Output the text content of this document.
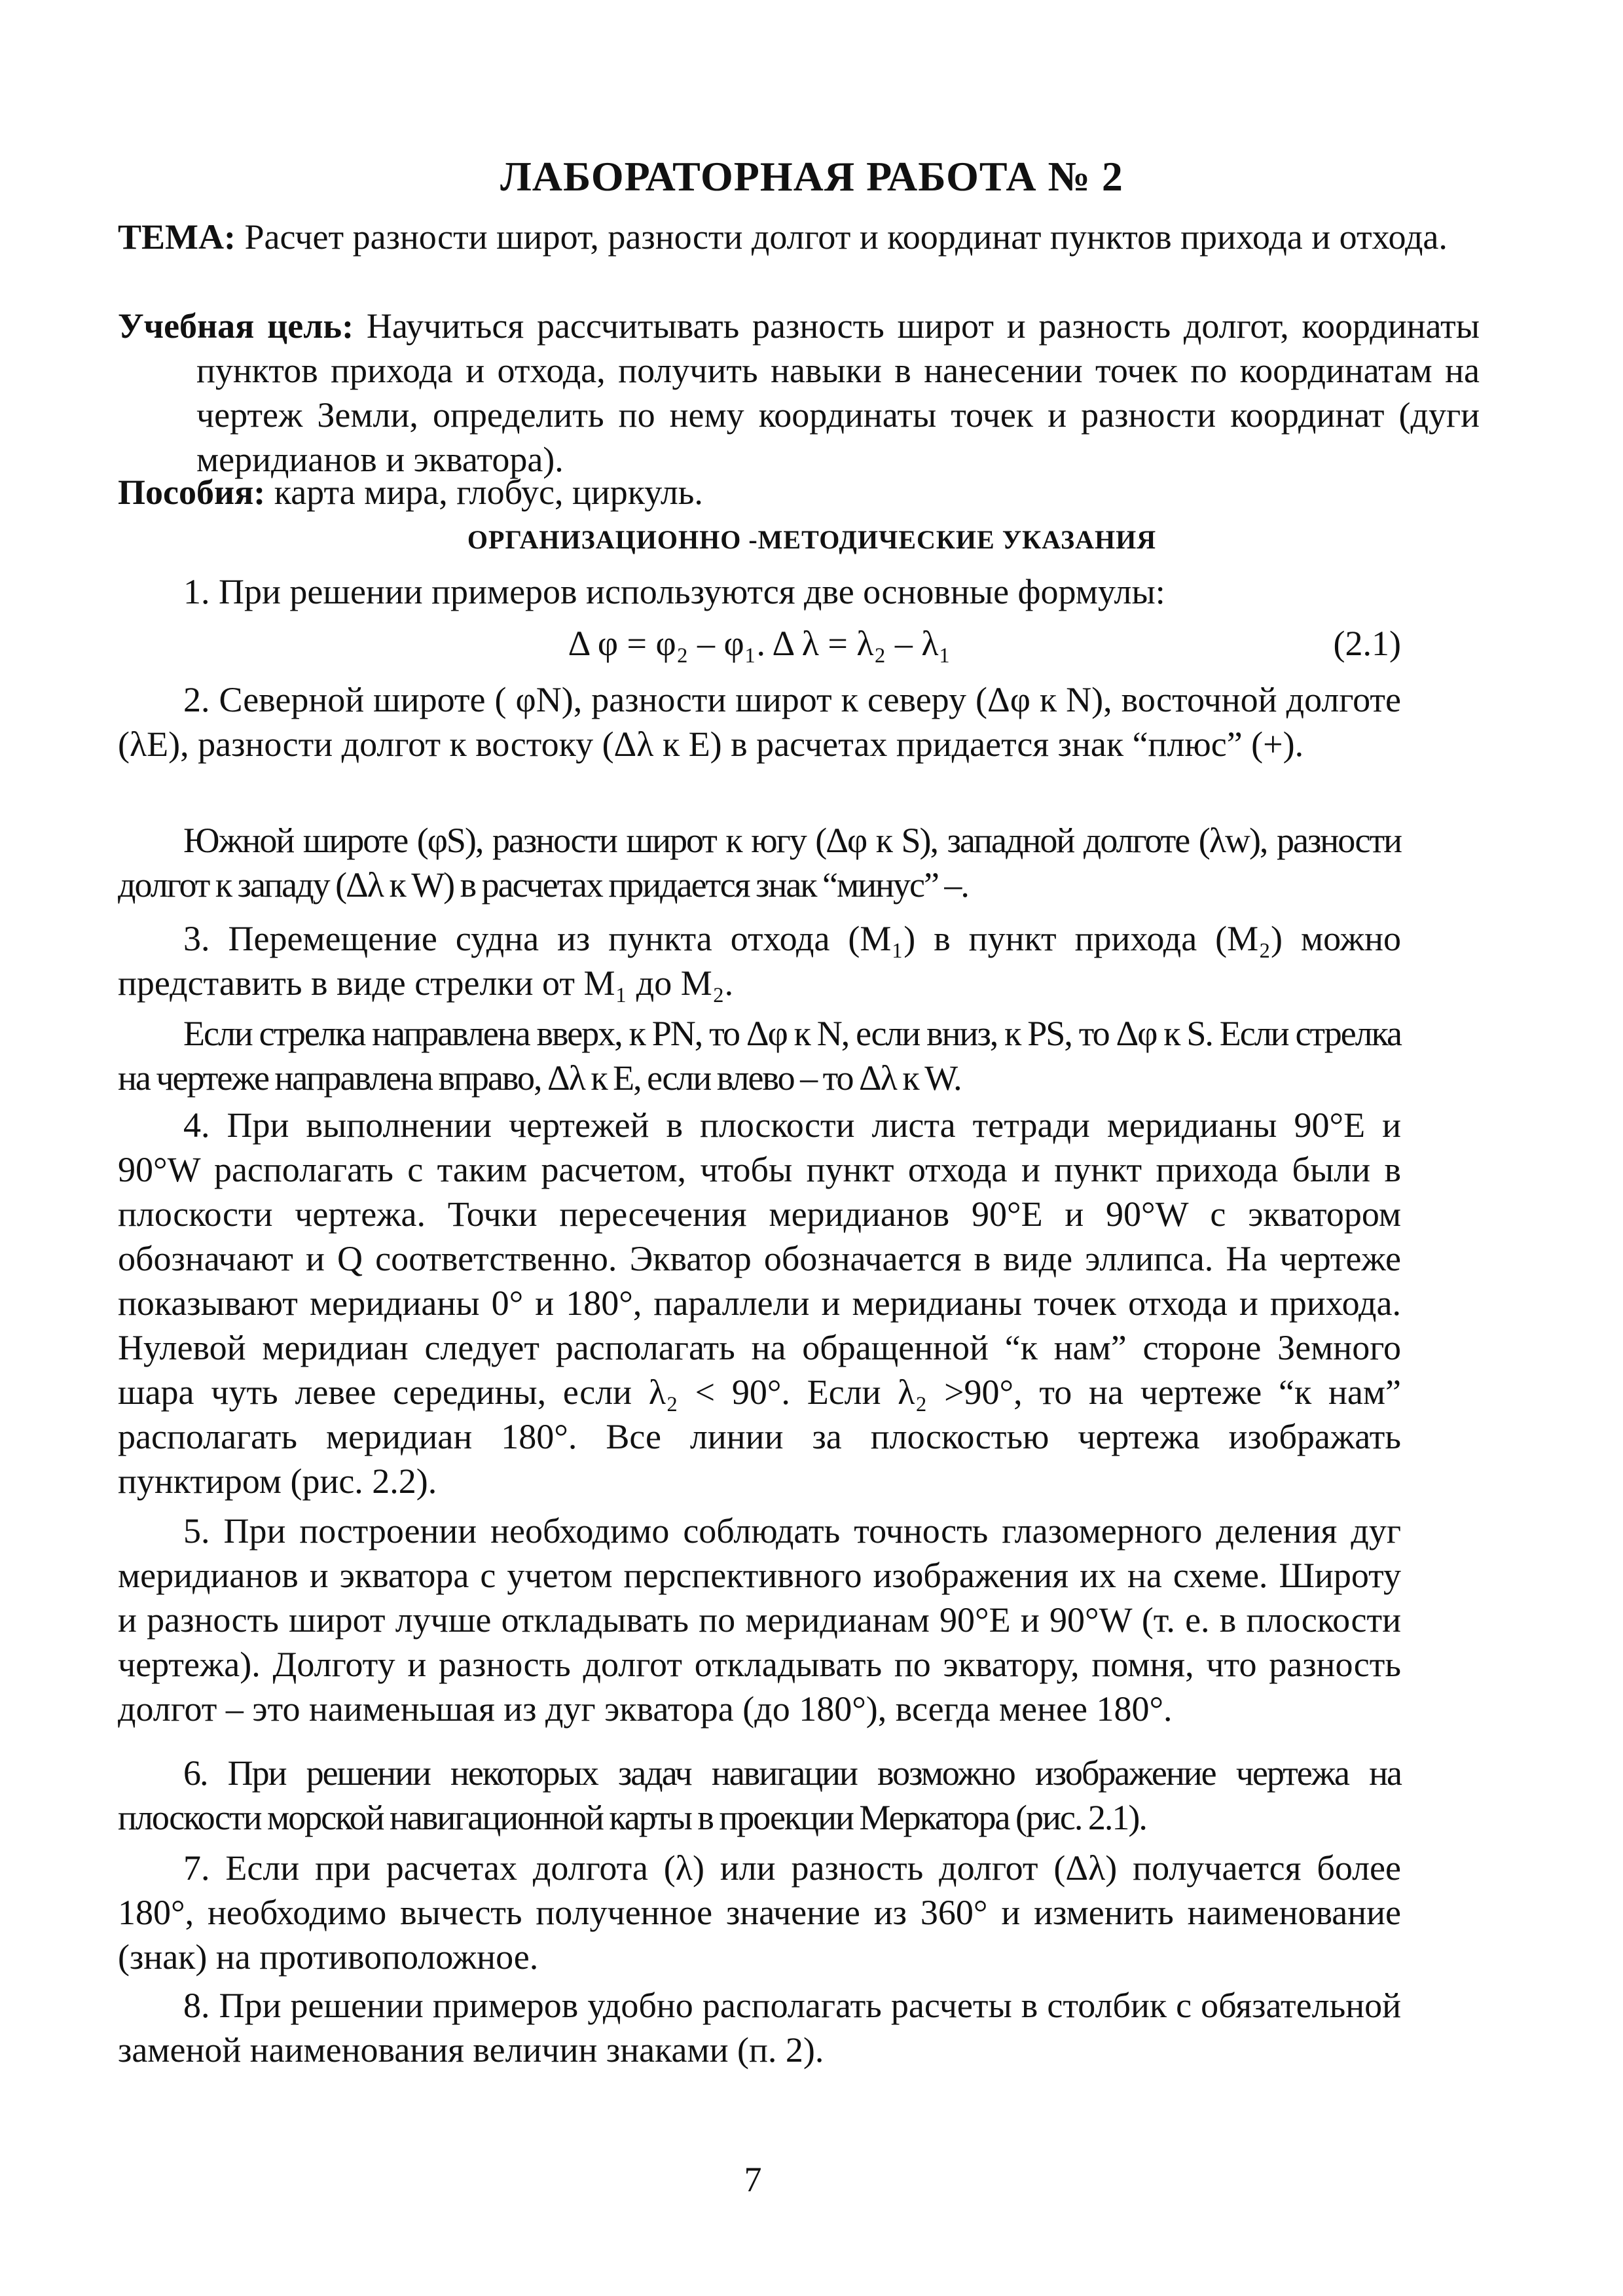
ЛАБОРАТОРНАЯ РАБОТА № 2
ТЕМА: Расчет разности широт, разности долгот и координат пунктов прихода и отхода.
Учебная цель: Научиться рассчитывать разность широт и разность долгот, координаты пунктов прихода и отхода, получить навыки в нанесении точек по координатам на чертеж Земли, определить по нему координаты точек и разности координат (дуги меридианов и экватора).
Пособия: карта мира, глобус, циркуль.
ОРГАНИЗАЦИОННО -МЕТОДИЧЕСКИЕ УКАЗАНИЯ

1. При решении примеров используются две основные формулы:

Δ φ = φ₂ – φ₁. Δ λ = λ₂ – λ₁	(2.1)

2. Северной широте ( φN), разности широт к северу (Δφ к N), восточной долготе (λE), разности долгот к востоку (Δλ к E) в расчетах придается знак “плюс” (+).

Южной широте (φS), разности широт к югу (Δφ к S), западной долготе (λw), разности долгот к западу (Δλ к W) в расчетах придается знак “минус” –.

3. Перемещение судна из пункта отхода (M₁) в пункт прихода (M₂) можно представить в виде стрелки от M₁ до M₂.

Если стрелка направлена вверх, к PN, то Δφ к N, если вниз, к PS, то Δφ к S. Если стрелка на чертеже направлена вправо, Δλ к E, если влево – то Δλ к W.

4. При выполнении чертежей в плоскости листа тетради меридианы 90°E и 90°W располагать с таким расчетом, чтобы пункт отхода и пункт прихода были в плоскости чертежа. Точки пересечения меридианов 90°E и 90°W с экватором обозначают и Q соответственно. Экватор обозначается в виде эллипса. На чертеже показывают меридианы 0° и 180°, параллели и меридианы точек отхода и прихода. Нулевой меридиан следует располагать на обращенной “к нам” стороне Земного шара чуть левее середины, если λ₂ < 90°. Если λ₂ >90°, то на чертеже “к нам” располагать меридиан 180°. Все линии за плоскостью чертежа изображать пунктиром (рис. 2.2).

5. При построении необходимо соблюдать точность глазомерного деления дуг меридианов и экватора с учетом перспективного изображения их на схеме. Широту и разность широт лучше откладывать по меридианам 90°E и 90°W (т. е. в плоскости чертежа). Долготу и разность долгот откладывать по экватору, помня, что разность долгот – это наименьшая из дуг экватора (до 180°), всегда менее 180°.

6. При решении некоторых задач навигации возможно изображение чертежа на плоскости морской навигационной карты в проекции Меркатора (рис. 2.1).

7. Если при расчетах долгота (λ) или разность долгот (Δλ) получается более 180°, необходимо вычесть полученное значение из 360° и изменить наименование (знак) на противоположное.

8. При решении примеров удобно располагать расчеты в столбик с обязательной заменой наименования величин знаками (п. 2).

7
